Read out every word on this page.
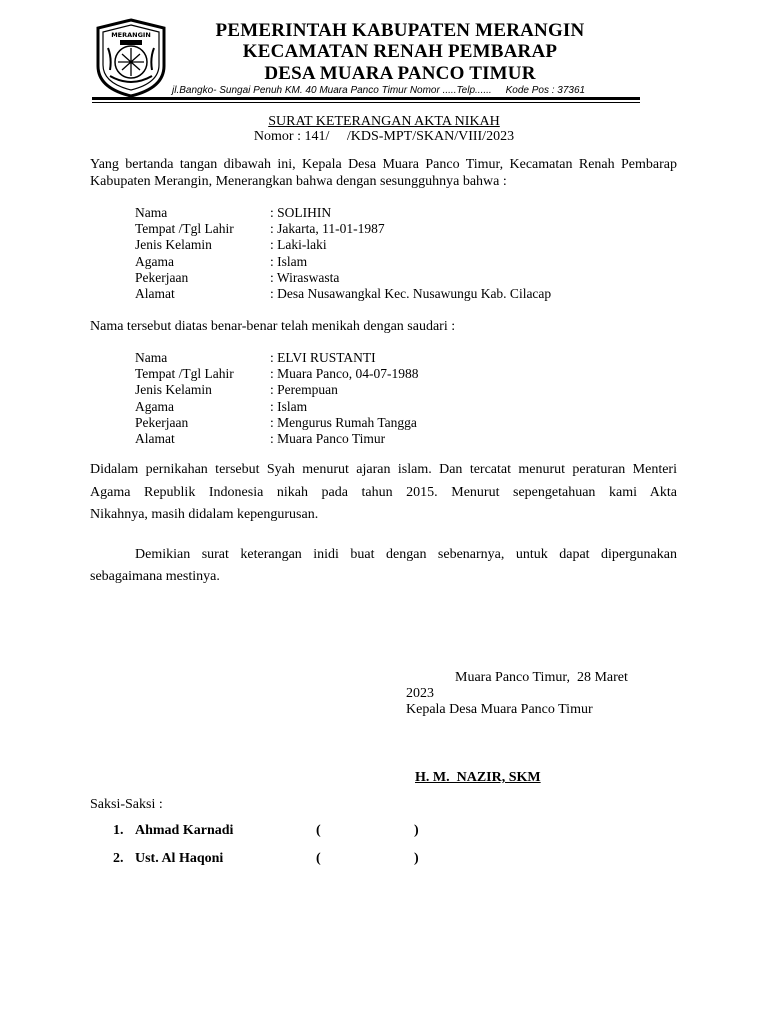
MERANGIN	PEMERINTAH KABUPATEN MERANGIN
KECAMATAN RENAH PEMBARAP
DESA MUARA PANCO TIMUR
jl.Bangko- Sungai Penuh KM. 40 Muara Panco Timur Nomor .....Telp......     Kode Pos : 37361
SURAT KETERANGAN AKTA NIKAH
Nomor : 141/     /KDS-MPT/SKAN/VIII/2023
Yang bertanda tangan dibawah ini, Kepala Desa Muara Panco Timur, Kecamatan Renah Pembarap Kabupaten Merangin, Menerangkan bahwa dengan sesungguhnya bahwa :
Nama	: SOLIHIN
Tempat /Tgl Lahir	: Jakarta, 11-01-1987
Jenis Kelamin	: Laki-laki
Agama	: Islam
Pekerjaan	: Wiraswasta
Alamat	: Desa Nusawangkal Kec. Nusawungu Kab. Cilacap
Nama tersebut diatas benar-benar telah menikah dengan saudari :
Nama	: ELVI RUSTANTI
Tempat /Tgl Lahir	: Muara Panco, 04-07-1988
Jenis Kelamin	: Perempuan
Agama	: Islam
Pekerjaan	: Mengurus Rumah Tangga
Alamat	: Muara Panco Timur
Didalam pernikahan tersebut Syah menurut ajaran islam. Dan tercatat menurut peraturan Menteri
Agama Republik Indonesia nikah pada tahun 2015. Menurut sepengetahuan kami Akta
Nikahnya, masih didalam kepengurusan.
Demikian surat keterangan inidi buat dengan sebenarnya, untuk dapat dipergunakan
sebagaimana mestinya.
Muara Panco Timur,  28 Maret
2023
Kepala Desa Muara Panco Timur
H. M.  NAZIR, SKM
Saksi-Saksi :
1. Ahmad Karnadi	(	)
2. Ust. Al Haqoni	(	)
